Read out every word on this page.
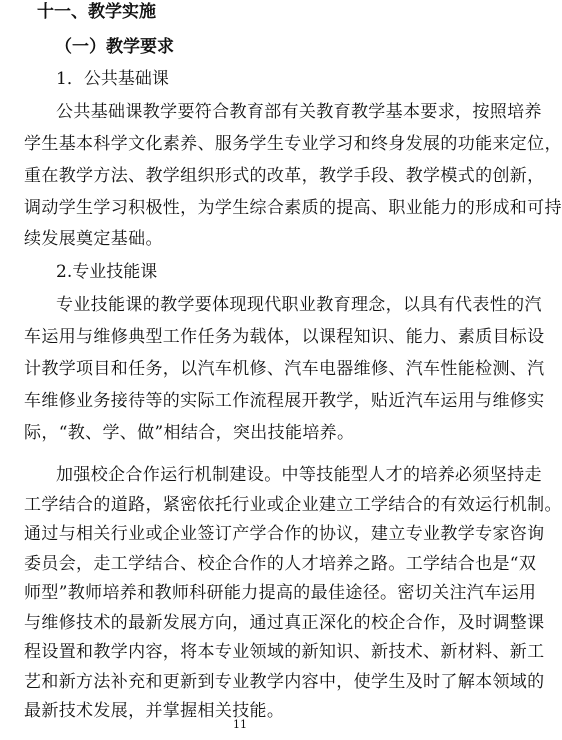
十一、教学实施
（一）教学要求
1．公共基础课

公共基础课教学要符合教育部有关教育教学基本要求，按照培养

学生基本科学文化素养、服务学生专业学习和终身发展的功能来定位，

重在教学方法、教学组织形式的改革，教学手段、教学模式的创新，

调动学生学习积极性，为学生综合素质的提高、职业能力的形成和可持

续发展奠定基础。

2.专业技能课

专业技能课的教学要体现现代职业教育理念，以具有代表性的汽

车运用与维修典型工作任务为载体，以课程知识、能力、素质目标设

计教学项目和任务，以汽车机修、汽车电器维修、汽车性能检测、汽

车维修业务接待等的实际工作流程展开教学，贴近汽车运用与维修实

际，“教、学、做”相结合，突出技能培养。

加强校企合作运行机制建设。中等技能型人才的培养必须坚持走

工学结合的道路，紧密依托行业或企业建立工学结合的有效运行机制。

通过与相关行业或企业签订产学合作的协议，建立专业教学专家咨询

委员会，走工学结合、校企合作的人才培养之路。工学结合也是“双

师型”教师培养和教师科研能力提高的最佳途径。密切关注汽车运用

与维修技术的最新发展方向，通过真正深化的校企合作，及时调整课

程设置和教学内容，将本专业领域的新知识、新技术、新材料、新工

艺和新方法补充和更新到专业教学内容中，使学生及时了解本领域的

最新技术发展，并掌握相关技能。

11
